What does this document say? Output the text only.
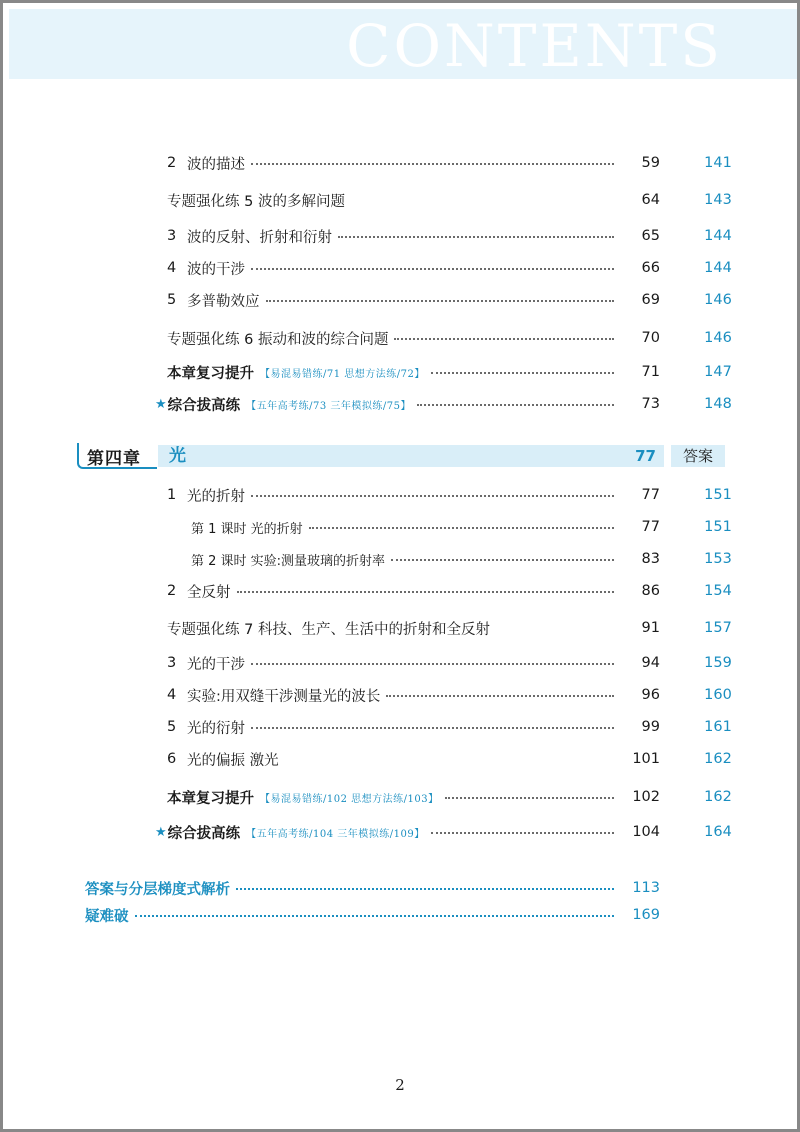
CONTENTS
2 波的描述	59	141
专题强化练 5 波的多解问题	64	143
3 波的反射、折射和衍射	65	144
4 波的干涉	66	144
5 多普勒效应	69	146
专题强化练 6 振动和波的综合问题	70	146
本章复习提升 【易混易错练/71 思想方法练/72】	71	147
★ 综合拔高练 【五年高考练/73 三年模拟练/75】	73	148
第四章 光	77	答案
1 光的折射	77	151
第 1 课时 光的折射	77	151
第 2 课时 实验:测量玻璃的折射率	83	153
2 全反射	86	154
专题强化练 7 科技、生产、生活中的折射和全反射	91	157
3 光的干涉	94	159
4 实验:用双缝干涉测量光的波长	96	160
5 光的衍射	99	161
6 光的偏振 激光	101	162
本章复习提升 【易混易错练/102 思想方法练/103】	102	162
★ 综合拔高练 【五年高考练/104 三年模拟练/109】	104	164
答案与分层梯度式解析	113
疑难破	169
2
